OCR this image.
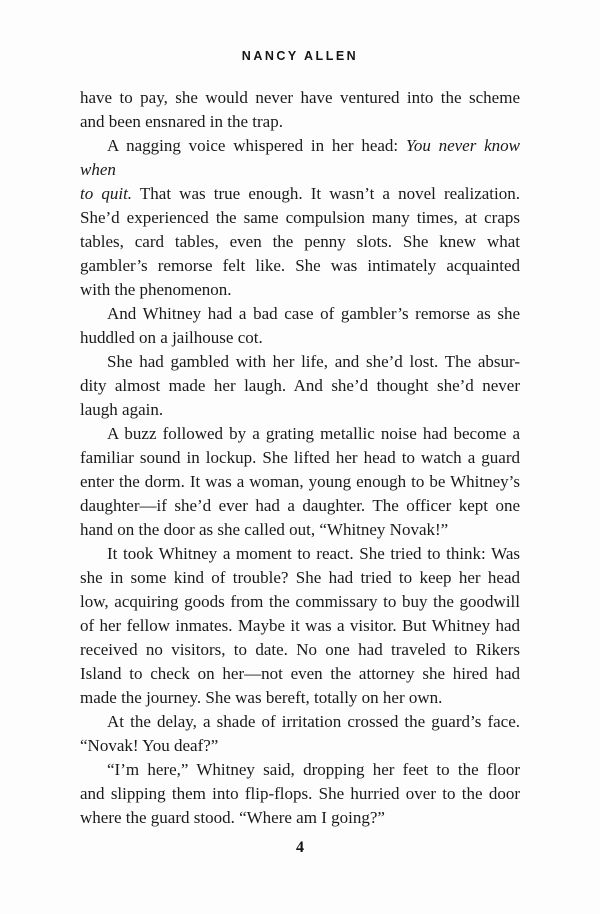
NANCY ALLEN
have to pay, she would never have ventured into the scheme
and been ensnared in the trap.
A nagging voice whispered in her head: You never know when
to quit. That was true enough. It wasn’t a novel realization.
She’d experienced the same compulsion many times, at craps
tables, card tables, even the penny slots. She knew what
gambler’s remorse felt like. She was intimately acquainted
with the phenomenon.
And Whitney had a bad case of gambler’s remorse as she
huddled on a jailhouse cot.
She had gambled with her life, and she’d lost. The absur-
dity almost made her laugh. And she’d thought she’d never
laugh again.
A buzz followed by a grating metallic noise had become a
familiar sound in lockup. She lifted her head to watch a guard
enter the dorm. It was a woman, young enough to be Whitney’s
daughter—if she’d ever had a daughter. The officer kept one
hand on the door as she called out, “Whitney Novak!”
It took Whitney a moment to react. She tried to think: Was
she in some kind of trouble? She had tried to keep her head
low, acquiring goods from the commissary to buy the goodwill
of her fellow inmates. Maybe it was a visitor. But Whitney had
received no visitors, to date. No one had traveled to Rikers
Island to check on her—not even the attorney she hired had
made the journey. She was bereft, totally on her own.
At the delay, a shade of irritation crossed the guard’s face.
“Novak! You deaf?”
“I’m here,” Whitney said, dropping her feet to the floor
and slipping them into flip-flops. She hurried over to the door
where the guard stood. “Where am I going?”
4
